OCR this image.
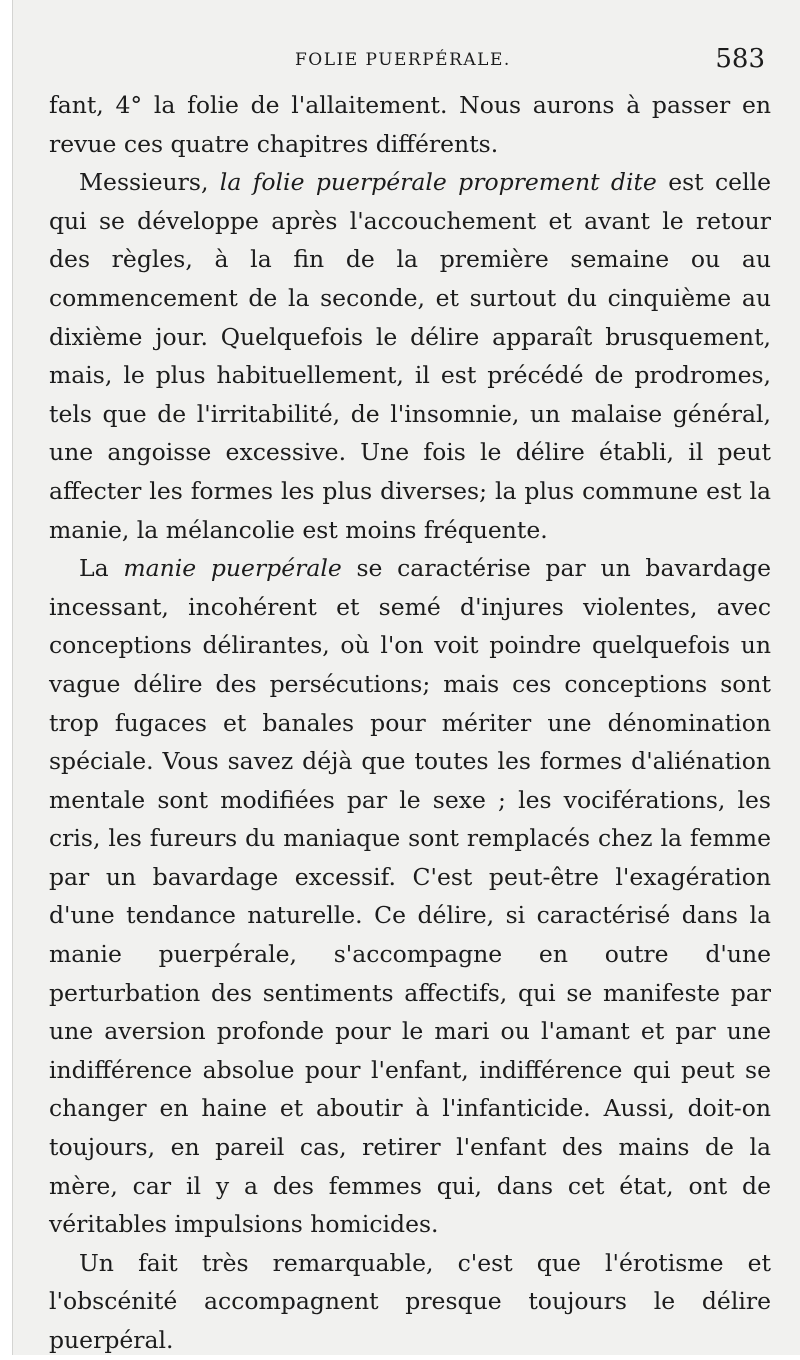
FOLIE PUERPÉRALE.	583

fant, 4° la folie de l'allaitement. Nous aurons à passer en revue ces quatre chapitres différents.

Messieurs, la folie puerpérale proprement dite est celle qui se développe après l'accouchement et avant le retour des règles, à la fin de la première semaine ou au commencement de la seconde, et surtout du cinquième au dixième jour. Quelquefois le délire apparaît brusquement, mais, le plus habituellement, il est précédé de prodromes, tels que de l'irritabilité, de l'insomnie, un malaise général, une angoisse excessive. Une fois le délire établi, il peut affecter les formes les plus diverses; la plus commune est la manie, la mélancolie est moins fréquente.

La manie puerpérale se caractérise par un bavardage incessant, incohérent et semé d'injures violentes, avec conceptions délirantes, où l'on voit poindre quelquefois un vague délire des persécutions; mais ces conceptions sont trop fugaces et banales pour mériter une dénomination spéciale. Vous savez déjà que toutes les formes d'aliénation mentale sont modifiées par le sexe ; les vociférations, les cris, les fureurs du maniaque sont remplacés chez la femme par un bavardage excessif. C'est peut-être l'exagération d'une tendance naturelle. Ce délire, si caractérisé dans la manie puerpérale, s'accompagne en outre d'une perturbation des sentiments affectifs, qui se manifeste par une aversion profonde pour le mari ou l'amant et par une indifférence absolue pour l'enfant, indifférence qui peut se changer en haine et aboutir à l'infanticide. Aussi, doit-on toujours, en pareil cas, retirer l'enfant des mains de la mère, car il y a des femmes qui, dans cet état, ont de véritables impulsions homicides.

Un fait très remarquable, c'est que l'érotisme et l'obscénité accompagnent presque toujours le délire puerpéral.
